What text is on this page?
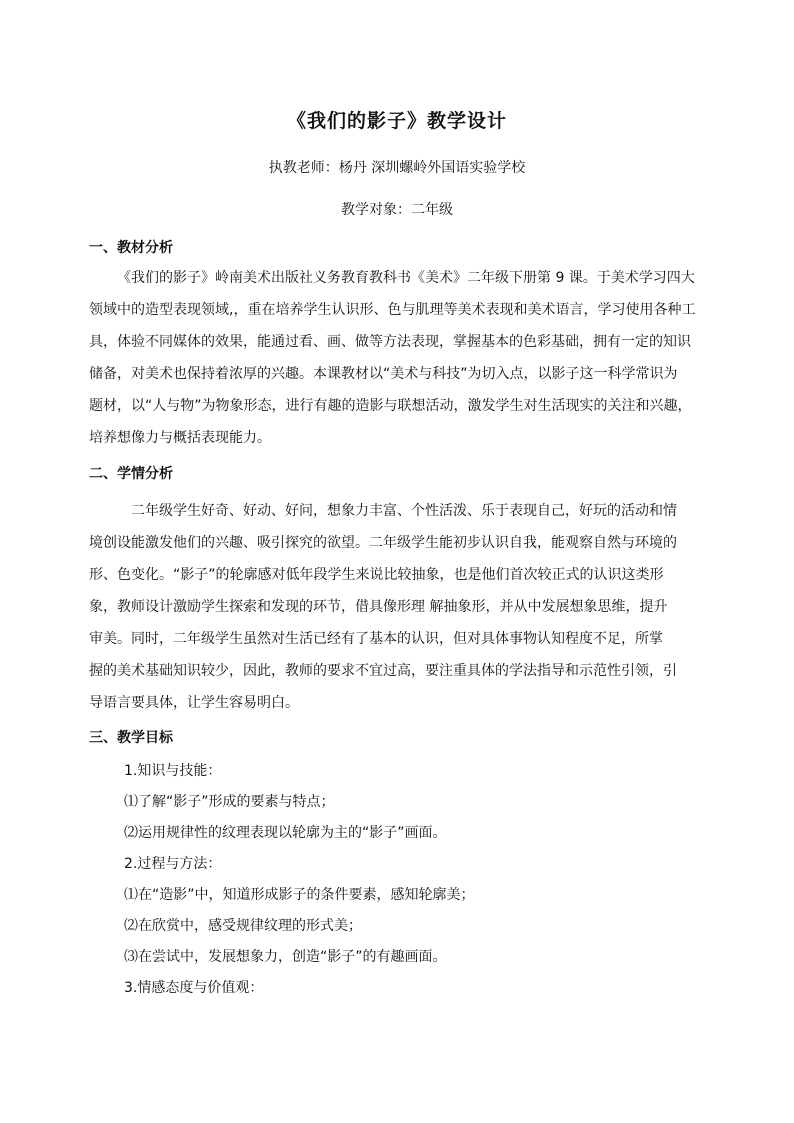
《我们的影子》教学设计
执教老师：杨丹 深圳螺岭外国语实验学校
教学对象：二年级
一、教材分析

《我们的影子》岭南美术出版社义务教育教科书《美术》二年级下册第 9 课。于美术学习四大

领域中的造型表现领域,，重在培养学生认识形、色与肌理等美术表现和美术语言，学习使用各种工

具，体验不同媒体的效果，能通过看、画、做等方法表现，掌握基本的色彩基础，拥有一定的知识

储备，对美术也保持着浓厚的兴趣。本课教材以“美术与科技”为切入点，以影子这一科学常识为

题材，以“人与物”为物象形态，进行有趣的造影与联想活动，激发学生对生活现实的关注和兴趣，

培养想像力与概括表现能力。

二、学情分析

二年级学生好奇、好动、好问，想象力丰富、个性活泼、乐于表现自己，好玩的活动和情

境创设能激发他们的兴趣、吸引探究的欲望。二年级学生能初步认识自我，能观察自然与环境的

形、色变化。“影子”的轮廓感对低年段学生来说比较抽象，也是他们首次较正式的认识这类形

象，教师设计激励学生探索和发现的环节，借具像形理 解抽象形，并从中发展想象思维，提升

审美。同时，二年级学生虽然对生活已经有了基本的认识，但对具体事物认知程度不足，所掌

握的美术基础知识较少，因此，教师的要求不宜过高，要注重具体的学法指导和示范性引领，引

导语言要具体，让学生容易明白。

三、教学目标
1.知识与技能：
⑴了解“影子”形成的要素与特点；
⑵运用规律性的纹理表现以轮廓为主的“影子”画面。
2.过程与方法：
⑴在“造影”中，知道形成影子的条件要素，感知轮廓美；
⑵在欣赏中，感受规律纹理的形式美；
⑶在尝试中，发展想象力，创造“影子”的有趣画面。
3.情感态度与价值观：
